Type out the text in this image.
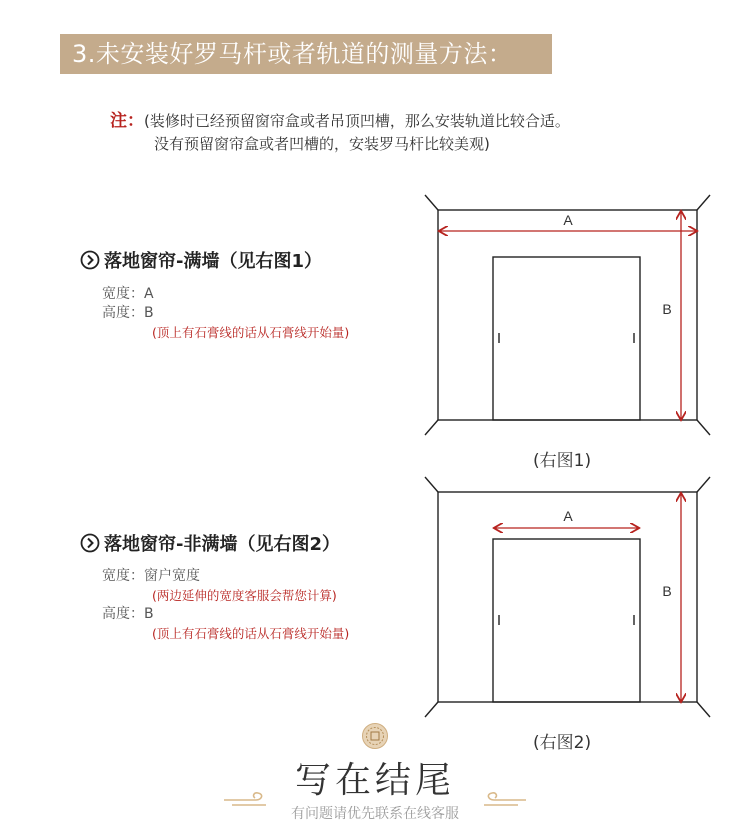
3.未安装好罗马杆或者轨道的测量方法：
注：(装修时已经预留窗帘盒或者吊顶凹槽，那么安装轨道比较合适。
没有预留窗帘盒或者凹槽的，安装罗马杆比较美观)
落地窗帘-满墙（见右图1）
宽度：A
高度：B
(顶上有石膏线的话从石膏线开始量)
落地窗帘-非满墙（见右图2）
宽度：窗户宽度
(两边延伸的宽度客服会帮您计算)
高度：B
(顶上有石膏线的话从石膏线开始量)
A
B
(右图1)
A
B
(右图2)
写在结尾
有问题请优先联系在线客服
